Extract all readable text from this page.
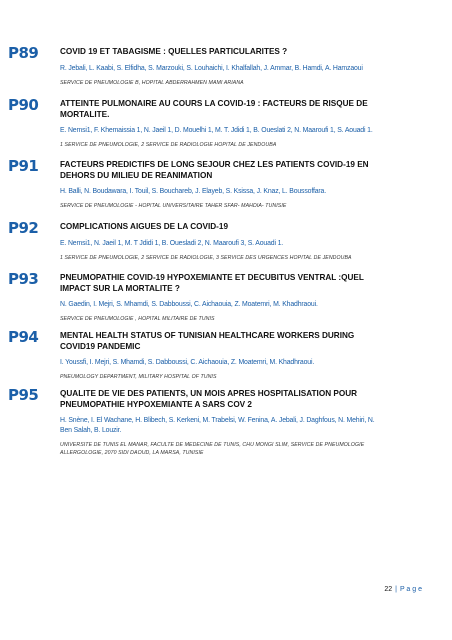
P89	COVID 19 ET TABAGISME : QUELLES PARTICULARITES ?
R. Jebali, L. Kaabi, S. Elfidha, S. Marzouki, S. Louhaichi, I. Khalfallah, J. Ammar, B. Hamdi, A. Hamzaoui
SERVICE DE PNEUMOLOGIE B, HOPITAL ABDERRAHMEN MAMI ARIANA
P90	ATTEINTE PULMONAIRE AU COURS LA COVID-19 : FACTEURS DE RISQUE DE MORTALITE.
E. Nemsi1, F. Khemaissia 1, N. Jaeil 1, D. Mouelhi 1, M. T. Jdidi 1, B. Oueslati 2, N. Maaroufi 1, S. Aouadi 1.
1 SERVICE DE PNEUMOLOGIE, 2 SERVICE DE RADIOLOGIE HOPITAL DE JENDOUBA
P91	FACTEURS PREDICTIFS DE LONG SEJOUR CHEZ LES PATIENTS COVID-19 EN DEHORS DU MILIEU DE REANIMATION
H. Balli, N. Boudawara, I. Touil, S. Bouchareb, J. Elayeb, S. Ksissa, J. Knaz, L. Boussoffara.
SERVICE DE PNEUMOLOGIE - HOPITAL UNIVERSITAIRE TAHER SFAR- MAHDIA- TUNISIE
P92	COMPLICATIONS AIGUES DE LA COVID-19
E. Nemsi1, N. Jaeil 1, M. T Jdidi 1, B. Ouesladi 2, N. Maaroufi 3, S. Aouadi 1.
1 SERVICE DE PNEUMOLOGIE, 2 SERVICE DE RADIOLOGIE, 3 SERVICE DES URGENCES HOPITAL DE JENDOUBA
P93	PNEUMOPATHIE COVID-19 HYPOXEMIANTE ET DECUBITUS VENTRAL :QUEL IMPACT SUR LA MORTALITE ?
N. Gaedin, I. Mejri, S. Mhamdi, S. Dabboussi, C. Aichaouia, Z. Moatemri, M. Khadhraoui.
SERVICE DE PNEUMOLOGIE , HOPITAL MILITAIRE DE TUNIS
P94	MENTAL HEALTH STATUS OF TUNISIAN HEALTHCARE WORKERS DURING COVID19 PANDEMIC
I. Youssfi, I. Mejri, S. Mhamdi, S. Dabboussi, C. Aichaouia, Z. Moatemri, M. Khadhraoui.
PNEUMOLOGY DEPARTMENT, MILITARY HOSPITAL OF TUNIS
P95	QUALITE DE VIE DES PATIENTS, UN MOIS APRES HOSPITALISATION POUR PNEUMOPATHIE HYPOXEMIANTE A SARS COV 2
H. Snène, I. El Wachane, H. Blibech, S. Kerkeni, M. Trabelsi, W. Fenina, A. Jebali, J. Daghfous, N. Mehiri, N. Ben Salah, B. Louzir.
UNIVERSITE DE TUNIS EL MANAR, FACULTE DE MEDECINE DE TUNIS, CHU MONGI SLIM, SERVICE DE PNEUMOLOGIE ALLERGOLOGIE, 2070 SIDI DAOUD, LA MARSA, TUNISIE
22 | P a g e
